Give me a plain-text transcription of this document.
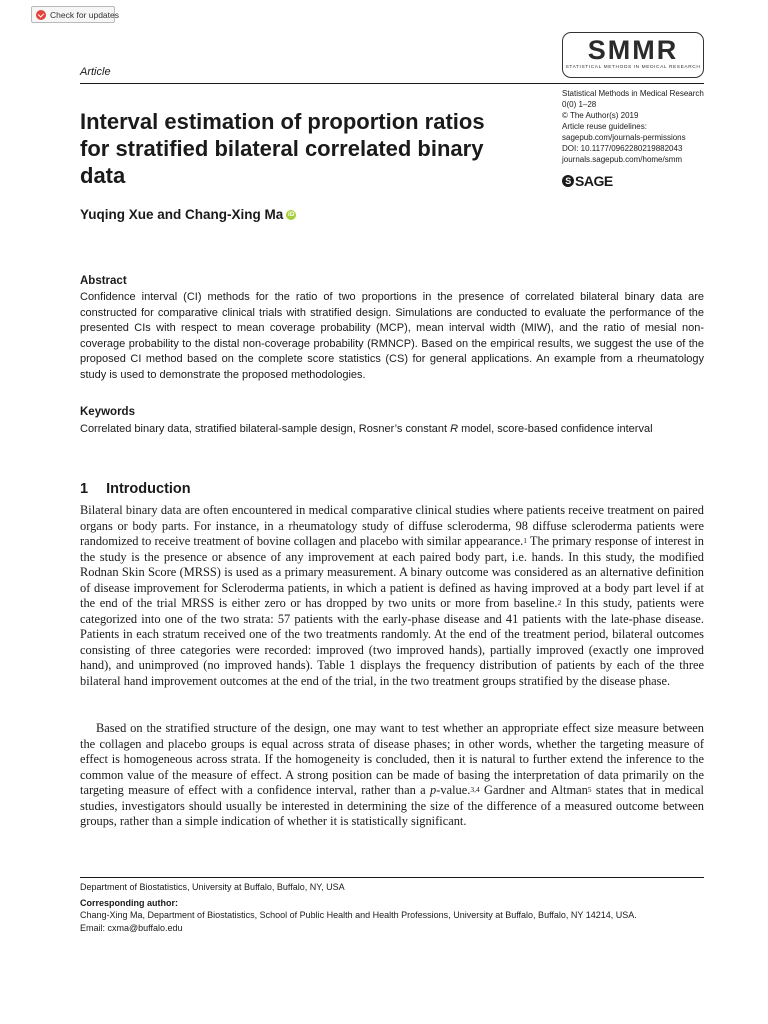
Check for updates
Article
SMMR
STATISTICAL METHODS IN MEDICAL RESEARCH
Statistical Methods in Medical Research
0(0) 1–28
© The Author(s) 2019
Article reuse guidelines:
sagepub.com/journals-permissions
DOI: 10.1177/0962280219882043
journals.sagepub.com/home/smm
S SAGE
Interval estimation of proportion ratios for stratified bilateral correlated binary data
Yuqing Xue and Chang-Xing Ma iD
Abstract

Confidence interval (CI) methods for the ratio of two proportions in the presence of correlated bilateral binary data are constructed for comparative clinical trials with stratified design. Simulations are conducted to evaluate the performance of the presented CIs with respect to mean coverage probability (MCP), mean interval width (MIW), and the ratio of mesial non-coverage probability to the distal non-coverage probability (RMNCP). Based on the empirical results, we suggest the use of the proposed CI method based on the complete score statistics (CS) for general applications. An example from a rheumatology study is used to demonstrate the proposed methodologies.

Keywords

Correlated binary data, stratified bilateral-sample design, Rosner’s constant R model, score-based confidence interval

1 Introduction

Bilateral binary data are often encountered in medical comparative clinical studies where patients receive treatment on paired organs or body parts. For instance, in a rheumatology study of diffuse scleroderma, 98 diffuse scleroderma patients were randomized to receive treatment of bovine collagen and placebo with similar appearance.$^1$ The primary response of interest in the study is the presence or absence of any improvement at each paired body part, i.e. hands. In this study, the modified Rodnan Skin Score (MRSS) is used as a primary measurement. A binary outcome was considered as an alternative definition of disease improvement for Scleroderma patients, in which a patient is defined as having improved at a body part level if at the end of the trial MRSS is either zero or has dropped by two units or more from baseline.$^2$ In this study, patients were categorized into one of the two strata: 57 patients with the early-phase disease and 41 patients with the late-phase disease. Patients in each stratum received one of the two treatments randomly. At the end of the treatment period, bilateral outcomes consisting of three categories were recorded: improved (two improved hands), partially improved (exactly one improved hand), and unimproved (no improved hands). Table 1 displays the frequency distribution of patients by each of the three bilateral hand improvement outcomes at the end of the trial, in the two treatment groups stratified by the disease phase.

Based on the stratified structure of the design, one may want to test whether an appropriate effect size measure between the collagen and placebo groups is equal across strata of disease phases; in other words, whether the targeting measure of effect is homogeneous across strata. If the homogeneity is concluded, then it is natural to further extend the inference to the common value of the measure of effect. A strong position can be made of basing the interpretation of data primarily on the targeting measure of effect with a confidence interval, rather than a p-value.$^{3,4}$ Gardner and Altman$^5$ states that in medical studies, investigators should usually be interested in determining the size of the difference of a measured outcome between groups, rather than a simple indication of whether it is statistically significant.

Department of Biostatistics, University at Buffalo, Buffalo, NY, USA
Corresponding author:
Chang-Xing Ma, Department of Biostatistics, School of Public Health and Health Professions, University at Buffalo, Buffalo, NY 14214, USA.
Email: cxma@buffalo.edu
